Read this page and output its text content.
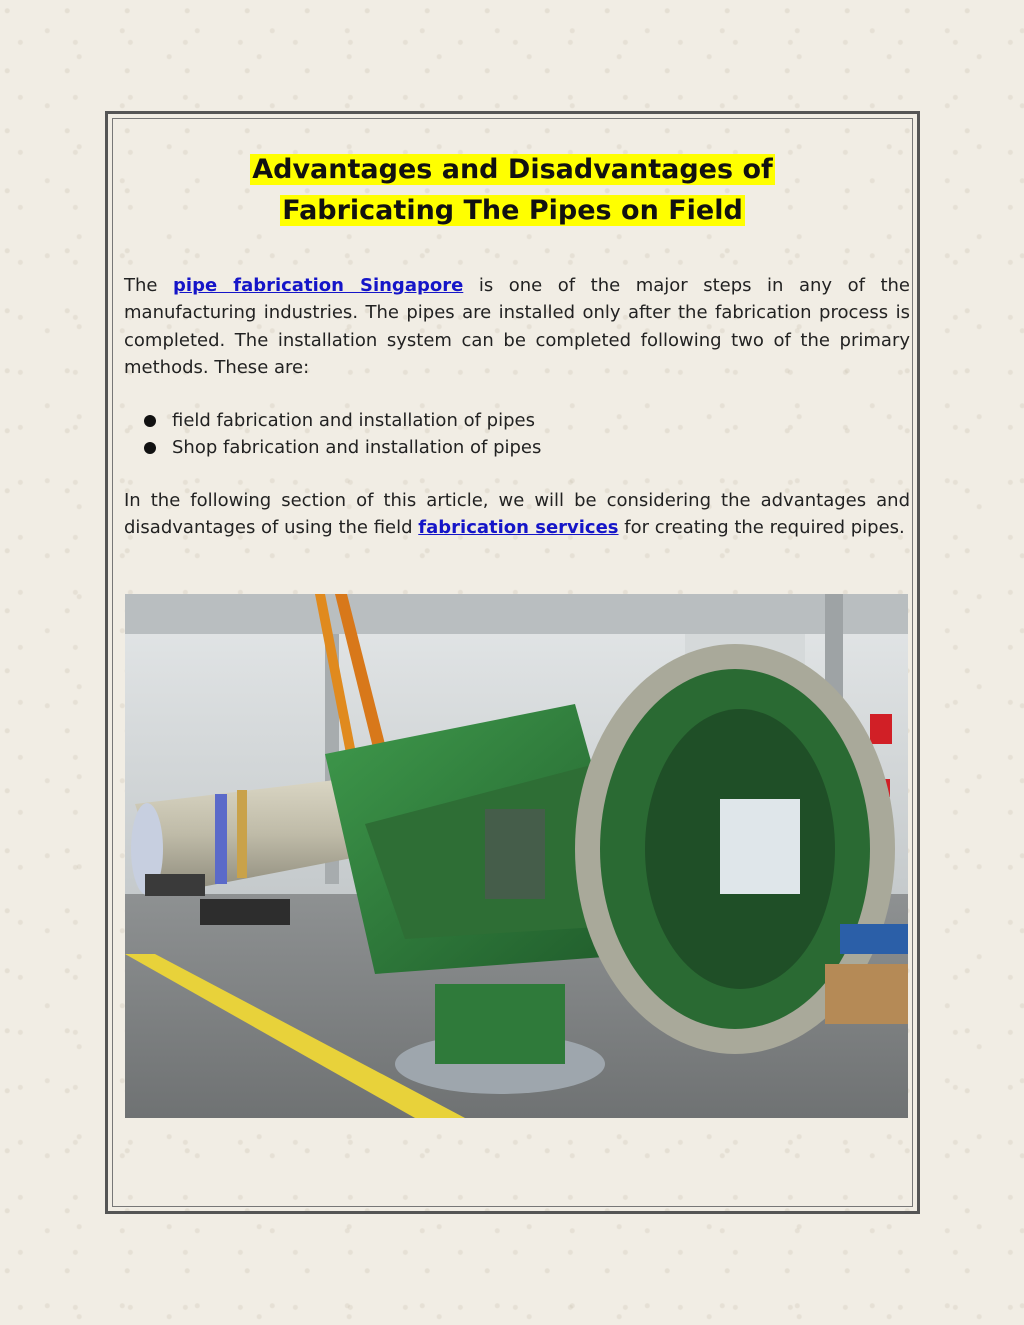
Advantages and Disadvantages of
Fabricating The Pipes on Field
The pipe fabrication Singapore is one of the major steps in any of the manufacturing industries. The pipes are installed only after the fabrication process is completed. The installation system can be completed following two of the primary methods. These are:
field fabrication and installation of pipes
Shop fabrication and installation of pipes
In the following section of this article, we will be considering the advantages and disadvantages of using the field fabrication services for creating the required pipes.
